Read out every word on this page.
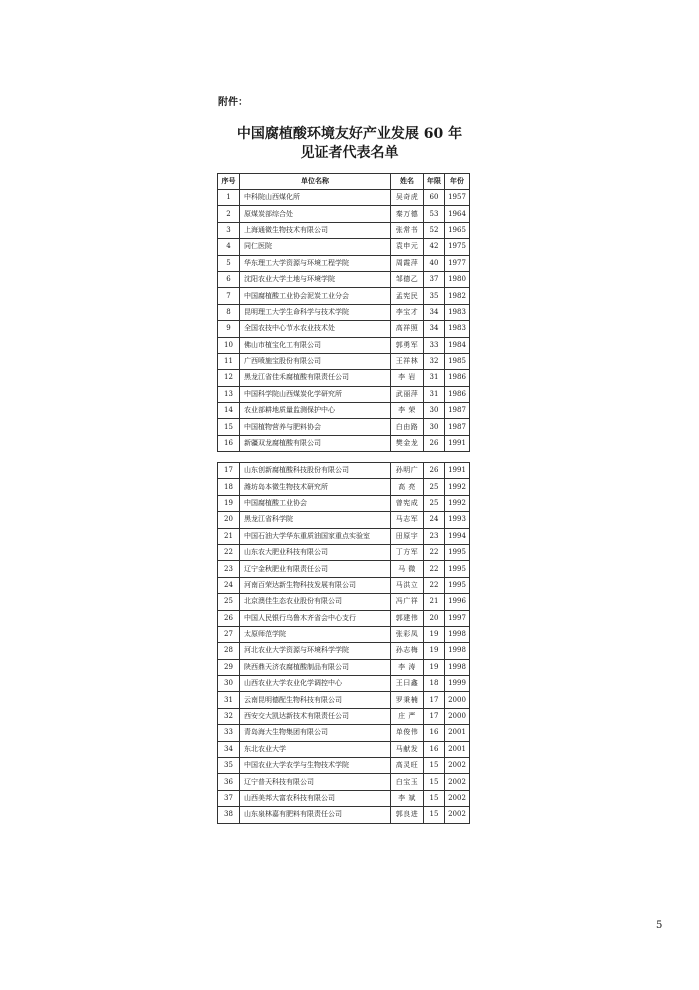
附件：
中国腐植酸环境友好产业发展 60 年
见证者代表名单
序号	单位名称	姓名	年限	年份
1	中科院山西煤化所	吴奇虎	60	1957
2	原煤炭部综合处	秦万德	53	1964
3	上海通微生物技术有限公司	张常书	52	1965
4	同仁医院	袁申元	42	1975
5	华东理工大学资源与环境工程学院	周霞萍	40	1977
6	沈阳农业大学土地与环境学院	邹德乙	37	1980
7	中国腐植酸工业协会泥炭工业分会	孟宪民	35	1982
8	昆明理工大学生命科学与技术学院	李宝才	34	1983
9	全国农技中心节水农业技术处	高祥照	34	1983
10	佛山市植宝化工有限公司	郭勇军	33	1984
11	广西喷施宝股份有限公司	王祥林	32	1985
12	黑龙江省佳禾腐植酸有限责任公司	李 岩	31	1986
13	中国科学院山西煤炭化学研究所	武丽萍	31	1986
14	农业部耕地质量监测保护中心	李 荣	30	1987
15	中国植物营养与肥料协会	白由路	30	1987
16	新疆双龙腐植酸有限公司	樊金龙	26	1991
17	山东创新腐植酸科技股份有限公司	孙明广	26	1991
18	潍坊岛本微生物技术研究所	高 亮	25	1992
19	中国腐植酸工业协会	曾宪成	25	1992
20	黑龙江省科学院	马志军	24	1993
21	中国石油大学华东重质油国家重点实验室	田原宇	23	1994
22	山东农大肥业科技有限公司	丁方军	22	1995
23	辽宁金秋肥业有限责任公司	马 微	22	1995
24	河南百荣达新生物科技发展有限公司	马洪立	22	1995
25	北京澳佳生态农业股份有限公司	冯广祥	21	1996
26	中国人民银行乌鲁木齐省会中心支行	郭建伟	20	1997
27	太原师范学院	张彩凤	19	1998
28	河北农业大学资源与环境科学学院	孙志梅	19	1998
29	陕西鼎天济农腐植酸制品有限公司	李 涛	19	1998
30	山西农业大学农业化学调控中心	王曰鑫	18	1999
31	云南昆明德配生物科技有限公司	罗秉楠	17	2000
32	西安交大凯达新技术有限责任公司	庄 严	17	2000
33	青岛海大生物集团有限公司	单俊伟	16	2001
34	东北农业大学	马献发	16	2001
35	中国农业大学农学与生物技术学院	高灵旺	15	2002
36	辽宁普天科技有限公司	白宝玉	15	2002
37	山西美邦大富农科技有限公司	李 斌	15	2002
38	山东泉林嘉有肥料有限责任公司	郭良进	15	2002
5
